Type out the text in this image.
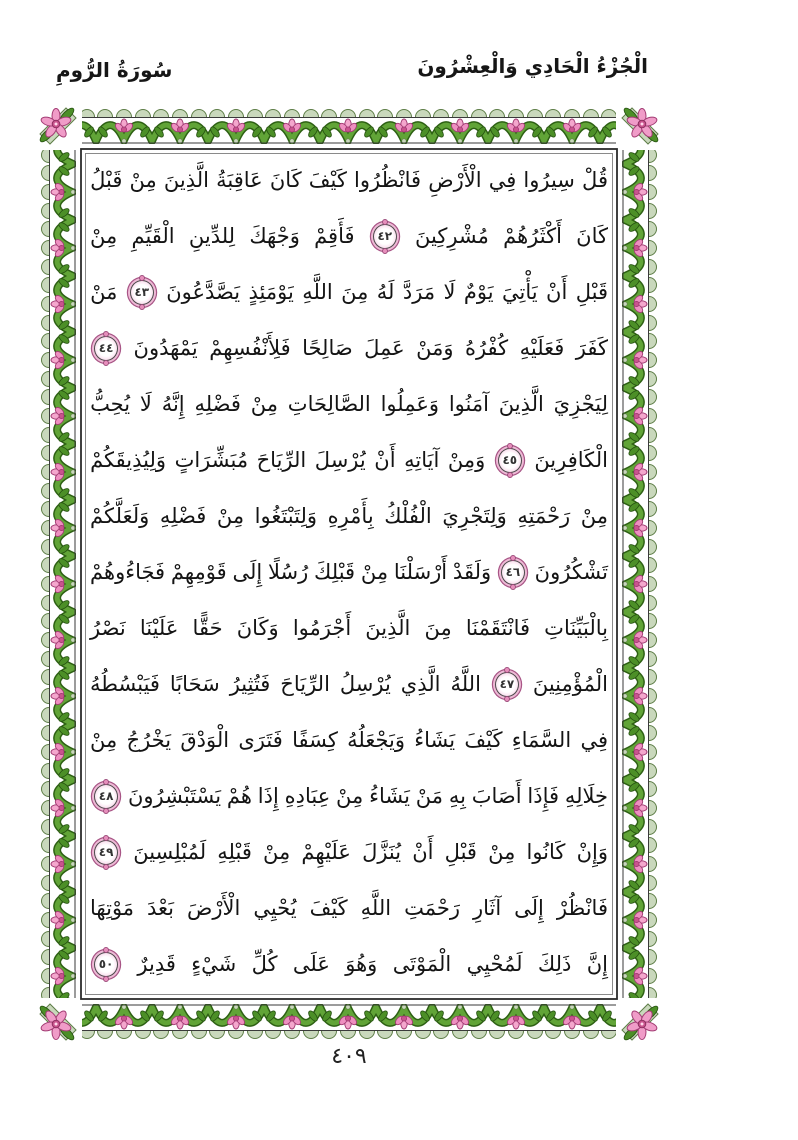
الْجُزْءُ الْحَادِي وَالْعِشْرُونَ
سُورَةُ الرُّومِ
قُلْ
سِيرُوا
فِي
الْأَرْضِ
فَانْظُرُوا
كَيْفَ
كَانَ
عَاقِبَةُ
الَّذِينَ
مِنْ
قَبْلُ
كَانَ
أَكْثَرُهُمْ
مُشْرِكِينَ
٤٢
فَأَقِمْ
وَجْهَكَ
لِلدِّينِ
الْقَيِّمِ
مِنْ
قَبْلِ
أَنْ
يَأْتِيَ
يَوْمٌ
لَا
مَرَدَّ
لَهُ
مِنَ
اللَّهِ
يَوْمَئِذٍ
يَصَّدَّعُونَ
٤٣
مَنْ
كَفَرَ
فَعَلَيْهِ
كُفْرُهُ
وَمَنْ
عَمِلَ
صَالِحًا
فَلِأَنْفُسِهِمْ
يَمْهَدُونَ
٤٤
لِيَجْزِيَ
الَّذِينَ
آمَنُوا
وَعَمِلُوا
الصَّالِحَاتِ
مِنْ
فَضْلِهِ
إِنَّهُ
لَا
يُحِبُّ
الْكَافِرِينَ
٤٥
وَمِنْ
آيَاتِهِ
أَنْ
يُرْسِلَ
الرِّيَاحَ
مُبَشِّرَاتٍ
وَلِيُذِيقَكُمْ
مِنْ
رَحْمَتِهِ
وَلِتَجْرِيَ
الْفُلْكُ
بِأَمْرِهِ
وَلِتَبْتَغُوا
مِنْ
فَضْلِهِ
وَلَعَلَّكُمْ
تَشْكُرُونَ
٤٦
وَلَقَدْ
أَرْسَلْنَا
مِنْ
قَبْلِكَ
رُسُلًا
إِلَى
قَوْمِهِمْ
فَجَاءُوهُمْ
بِالْبَيِّنَاتِ
فَانْتَقَمْنَا
مِنَ
الَّذِينَ
أَجْرَمُوا
وَكَانَ
حَقًّا
عَلَيْنَا
نَصْرُ
الْمُؤْمِنِينَ
٤٧
اللَّهُ
الَّذِي
يُرْسِلُ
الرِّيَاحَ
فَتُثِيرُ
سَحَابًا
فَيَبْسُطُهُ
فِي
السَّمَاءِ
كَيْفَ
يَشَاءُ
وَيَجْعَلُهُ
كِسَفًا
فَتَرَى
الْوَدْقَ
يَخْرُجُ
مِنْ
خِلَالِهِ
فَإِذَا
أَصَابَ
بِهِ
مَنْ
يَشَاءُ
مِنْ
عِبَادِهِ
إِذَا
هُمْ
يَسْتَبْشِرُونَ
٤٨
وَإِنْ
كَانُوا
مِنْ
قَبْلِ
أَنْ
يُنَزَّلَ
عَلَيْهِمْ
مِنْ
قَبْلِهِ
لَمُبْلِسِينَ
٤٩
فَانْظُرْ
إِلَى
آثَارِ
رَحْمَتِ
اللَّهِ
كَيْفَ
يُحْيِي
الْأَرْضَ
بَعْدَ
مَوْتِهَا
إِنَّ
ذَلِكَ
لَمُحْيِي
الْمَوْتَى
وَهُوَ
عَلَى
كُلِّ
شَيْءٍ
قَدِيرٌ
٥٠
٤٠٩
